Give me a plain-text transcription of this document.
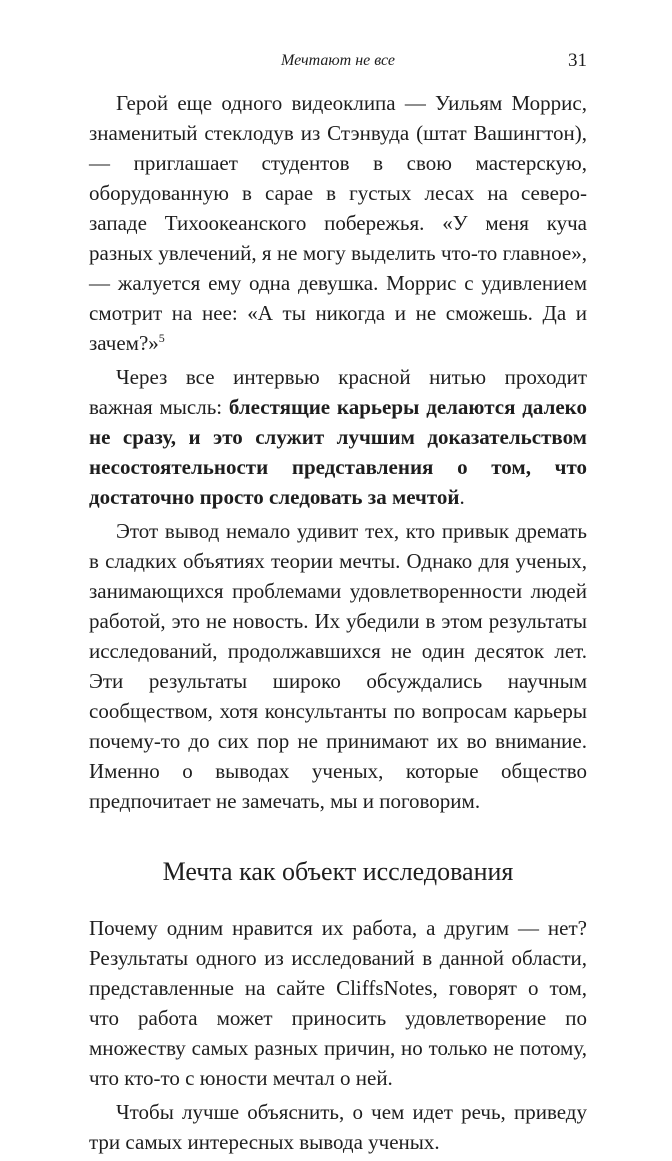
Мечтают не все	31

Герой еще одного видеоклипа — Уильям Моррис, знаменитый стеклодув из Стэнвуда (штат Вашингтон), — приглашает студентов в свою мастерскую, оборудованную в сарае в густых лесах на северо-западе Тихоокеанского побережья. «У меня куча разных увлечений, я не могу выделить что-то главное», — жалуется ему одна девушка. Моррис с удивлением смотрит на нее: «А ты никогда и не сможешь. Да и зачем?»$^5$

Через все интервью красной нитью проходит важная мысль: блестящие карьеры делаются далеко не сразу, и это служит лучшим доказательством несостоятельности представления о том, что достаточно просто следовать за мечтой.

Этот вывод немало удивит тех, кто привык дремать в сладких объятиях теории мечты. Однако для ученых, занимающихся проблемами удовлетворенности людей работой, это не новость. Их убедили в этом результаты исследований, продолжавшихся не один десяток лет. Эти результаты широко обсуждались научным сообществом, хотя консультанты по вопросам карьеры почему-то до сих пор не принимают их во внимание. Именно о выводах ученых, которые общество предпочитает не замечать, мы и поговорим.

Мечта как объект исследования

Почему одним нравится их работа, а другим — нет? Результаты одного из исследований в данной области, представленные на сайте CliffsNotes, говорят о том, что работа может приносить удовлетворение по множеству самых разных причин, но только не потому, что кто-то с юности мечтал о ней.

Чтобы лучше объяснить, о чем идет речь, приведу три самых интересных вывода ученых.
